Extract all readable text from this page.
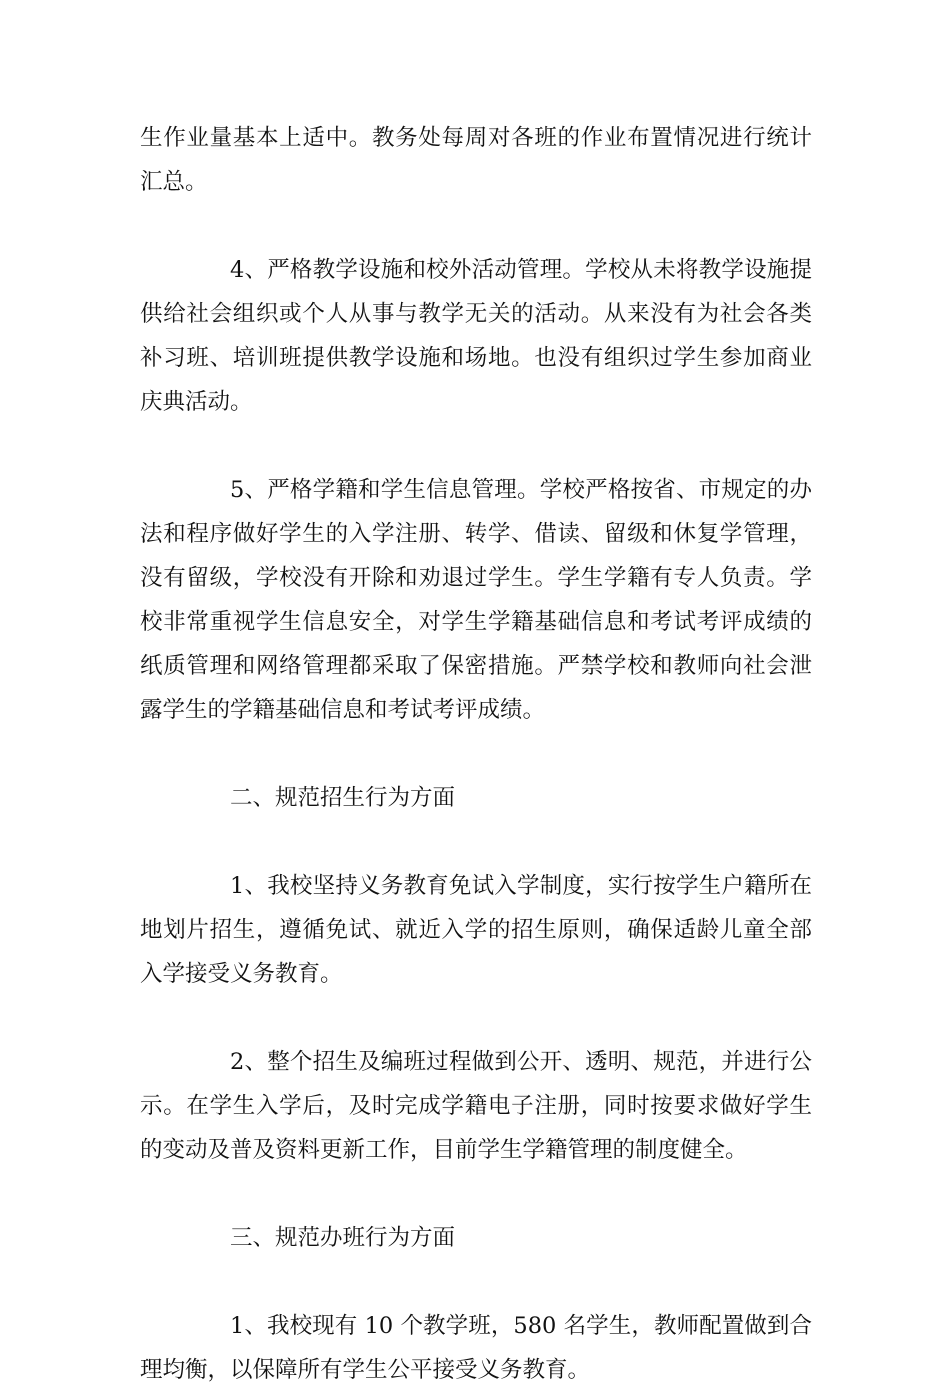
生作业量基本上适中。教务处每周对各班的作业布置情况进行统计汇总。

4、严格教学设施和校外活动管理。学校从未将教学设施提供给社会组织或个人从事与教学无关的活动。从来没有为社会各类补习班、培训班提供教学设施和场地。也没有组织过学生参加商业庆典活动。

5、严格学籍和学生信息管理。学校严格按省、市规定的办法和程序做好学生的入学注册、转学、借读、留级和休复学管理，没有留级，学校没有开除和劝退过学生。学生学籍有专人负责。学校非常重视学生信息安全，对学生学籍基础信息和考试考评成绩的纸质管理和网络管理都采取了保密措施。严禁学校和教师向社会泄露学生的学籍基础信息和考试考评成绩。

二、规范招生行为方面

1、我校坚持义务教育免试入学制度，实行按学生户籍所在地划片招生，遵循免试、就近入学的招生原则，确保适龄儿童全部入学接受义务教育。

2、整个招生及编班过程做到公开、透明、规范，并进行公示。在学生入学后，及时完成学籍电子注册，同时按要求做好学生的变动及普及资料更新工作，目前学生学籍管理的制度健全。

三、规范办班行为方面

1、我校现有 10 个教学班，580 名学生，教师配置做到合理均衡，以保障所有学生公平接受义务教育。
